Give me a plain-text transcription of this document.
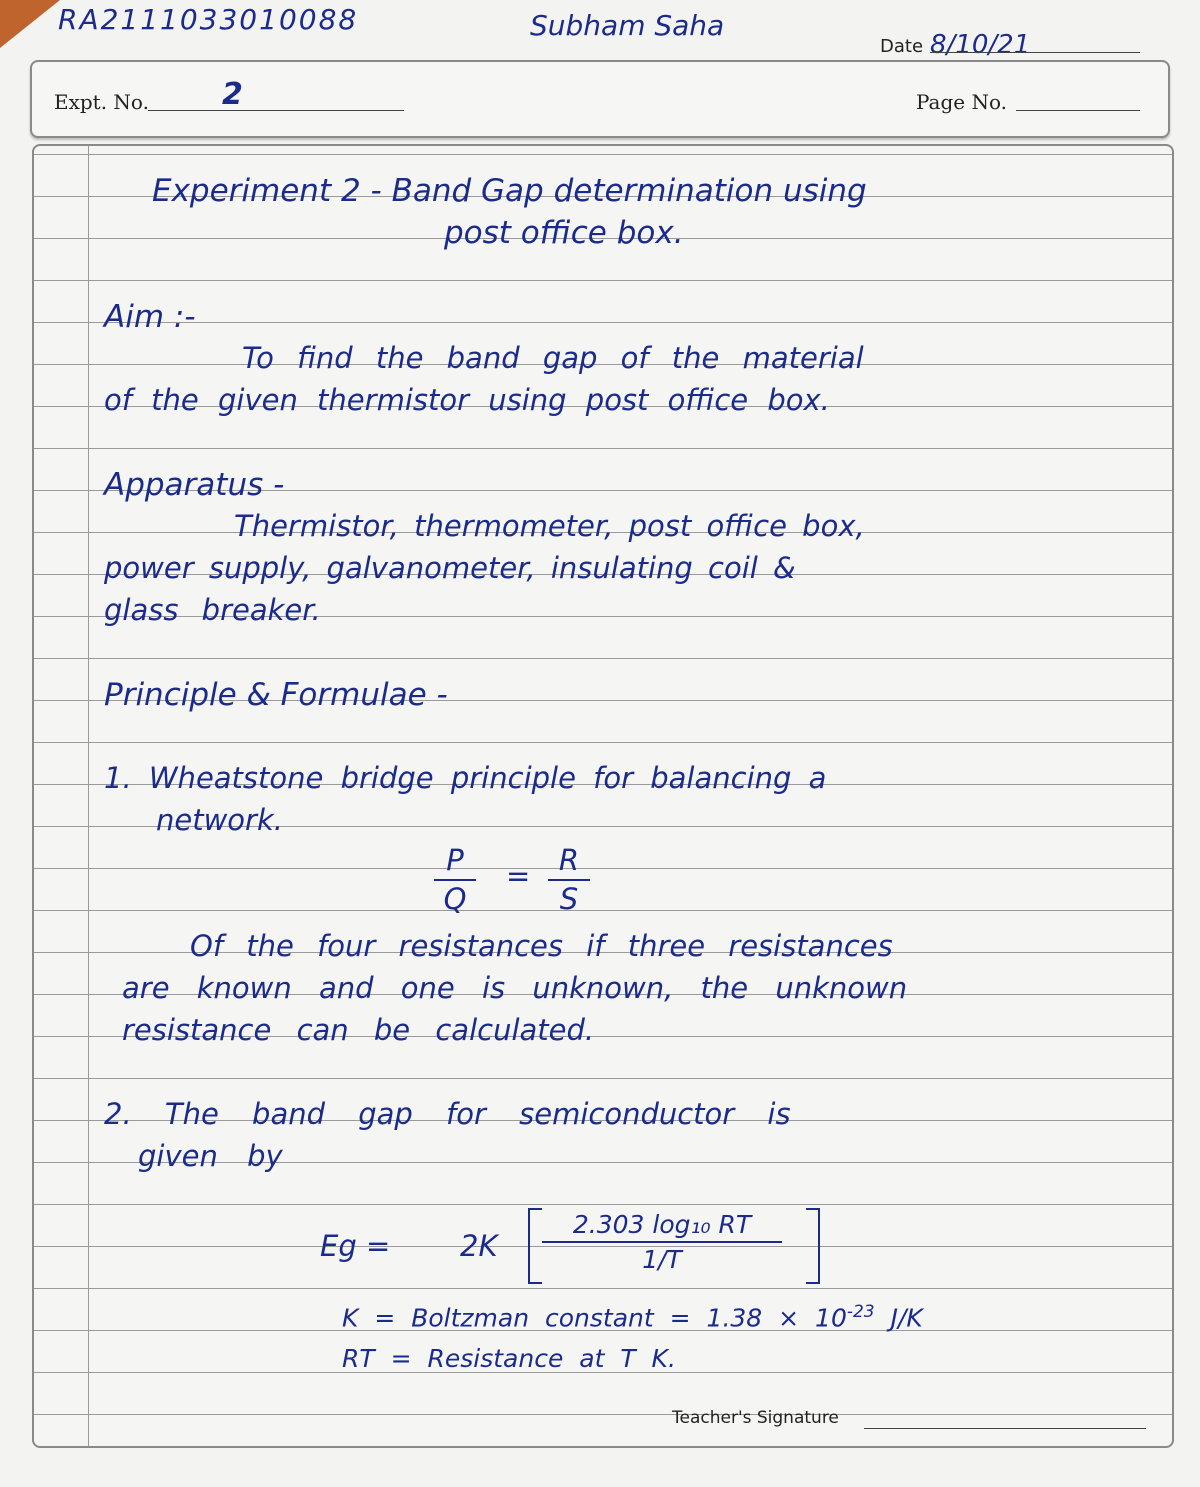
RA2111033010088	Subham Saha
Date 8/10/21
Expt. No. 2	Page No.
Experiment 2 - Band Gap determination using
post office box.
Aim :-
To find the band gap of the material
of the given thermistor using post office box.
Apparatus -
Thermistor, thermometer, post office box,
power supply, galvanometer, insulating coil &
glass breaker.
Principle & Formulae -
1. Wheatstone bridge principle for balancing a
network.
P
Q
= R
S
Of the four resistances if three resistances
are known and one is unknown, the unknown
resistance can be calculated.
2. The band gap for semiconductor is
given by
Eg = 2K
2.303 log₁₀ RT
1/T
K = Boltzman constant = $1.38 \times 10^{-23}$ J/K
RT = Resistance at T K.
Teacher's Signature
